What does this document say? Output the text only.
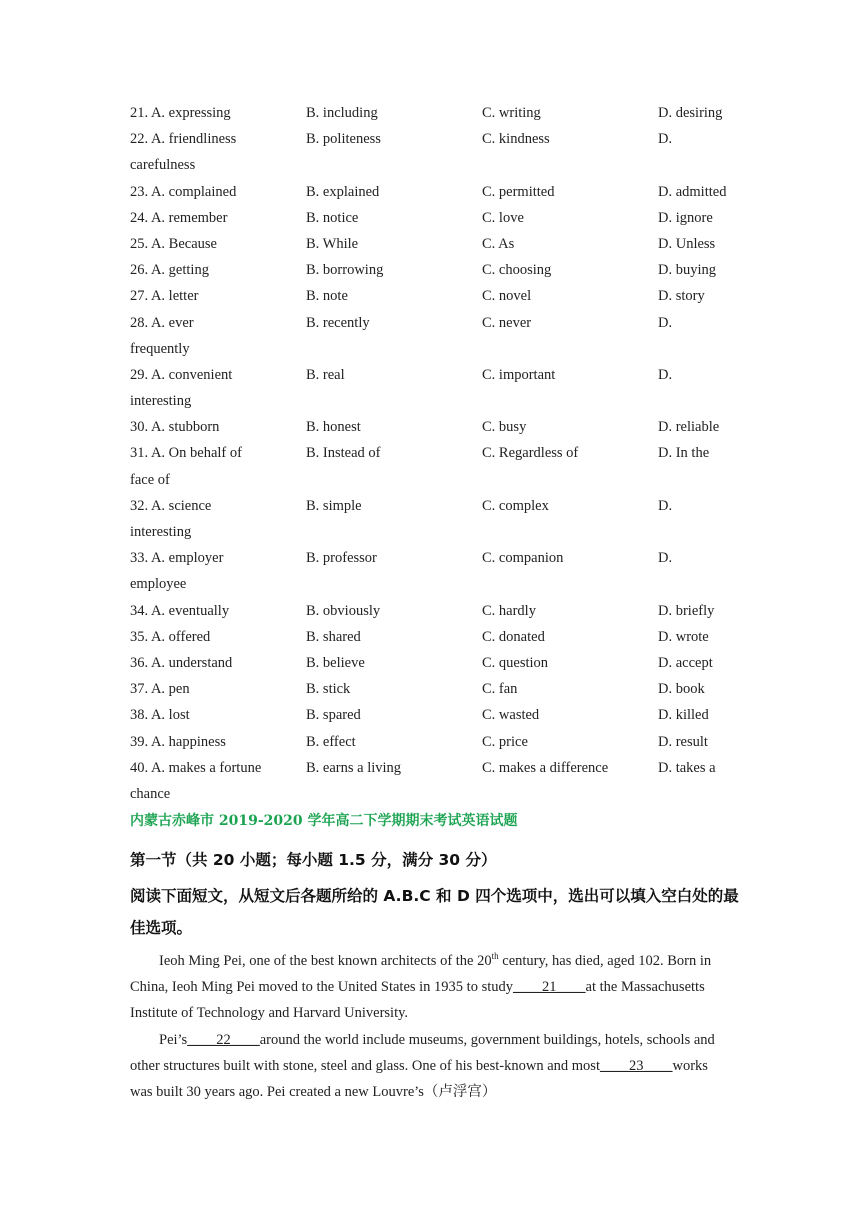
21. A. expressing	B. including	C. writing	D. desiring
22. A. friendliness	B. politeness	C. kindness	D.
carefulness
23. A. complained	B. explained	C. permitted	D. admitted
24. A. remember	B. notice	C. love	D. ignore
25. A. Because	B. While	C. As	D. Unless
26. A. getting	B. borrowing	C. choosing	D. buying
27. A. letter	B. note	C. novel	D. story
28. A. ever	B. recently	C. never	D.
frequently
29. A. convenient	B. real	C. important	D.
interesting
30. A. stubborn	B. honest	C. busy	D. reliable
31. A. On behalf of	B. Instead of	C. Regardless of	D. In the
face of
32. A. science	B. simple	C. complex	D.
interesting
33. A. employer	B. professor	C. companion	D.
employee
34. A. eventually	B. obviously	C. hardly	D. briefly
35. A. offered	B. shared	C. donated	D. wrote
36. A. understand	B. believe	C. question	D. accept
37. A. pen	B. stick	C. fan	D. book
38. A. lost	B. spared	C. wasted	D. killed
39. A. happiness	B. effect	C. price	D. result
40. A. makes a fortune	B. earns a living	C. makes a difference	D. takes a
chance
内蒙古赤峰市 2019-2020 学年高二下学期期末考试英语试题
第一节（共 20 小题；每小题 1.5 分，满分 30 分）
阅读下面短文，从短文后各题所给的 A.B.C 和 D 四个选项中，选出可以填入空白处的最佳选项。

Ieoh Ming Pei, one of the best known architects of the 20th century, has died, aged 102. Born in China, Ieoh Ming Pei moved to the United States in 1935 to study____21____at the Massachusetts Institute of Technology and Harvard University.

Pei’s____22____around the world include museums, government buildings, hotels, schools and other structures built with stone, steel and glass. One of his best-known and most____23____works was built 30 years ago. Pei created a new Louvre’s（卢浮宫）
